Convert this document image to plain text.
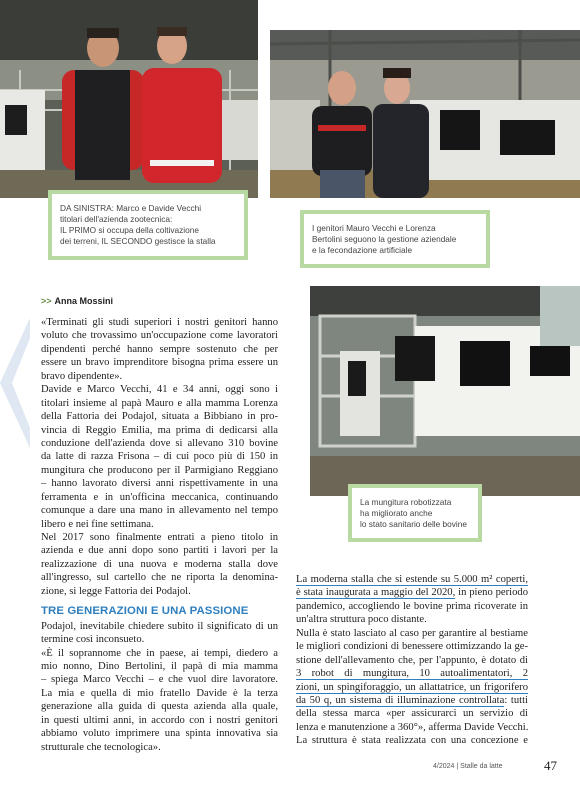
DA SINISTRA: Marco e Davide Vecchi
titolari dell'azienda zootecnica:
IL PRIMO si occupa della coltivazione
dei terreni, IL SECONDO gestisce la stalla
I genitori Mauro Vecchi e Lorenza
Bertolini seguono la gestione aziendale
e la fecondazione artificiale
La mungitura robotizzata
ha migliorato anche
lo stato sanitario delle bovine
>> Anna Mossini
«Terminati gli studi superiori i nostri genitori hanno
voluto che trovassimo un'occupazione come lavoratori
dipendenti perché hanno sempre sostenuto che per
essere un bravo imprenditore bisogna prima essere un
bravo dipendente».
Davide e Marco Vecchi, 41 e 34 anni, oggi sono i
titolari insieme al papà Mauro e alla mamma Lorenza
della Fattoria dei Podajol, situata a Bibbiano in pro-
vincia di Reggio Emilia, ma prima di dedicarsi alla
conduzione dell'azienda dove si allevano 310 bovine
da latte di razza Frisona – di cui poco più di 150 in
mungitura che producono per il Parmigiano Reggiano
– hanno lavorato diversi anni rispettivamente in una
ferramenta e in un'officina meccanica, continuando
comunque a dare una mano in allevamento nel tempo
libero e nei fine settimana.
Nel 2017 sono finalmente entrati a pieno titolo in
azienda e due anni dopo sono partiti i lavori per la
realizzazione di una nuova e moderna stalla dove
all'ingresso, sul cartello che ne riporta la denomina-
zione, si legge Fattoria dei Podajol.
TRE GENERAZIONI E UNA PASSIONE
Podajol, inevitabile chiedere subito il significato di un
termine così inconsueto.
«È il soprannome che in paese, ai tempi, diedero a
mio nonno, Dino Bertolini, il papà di mia mamma
– spiega Marco Vecchi – e che vuol dire lavoratore.
La mia e quella di mio fratello Davide è la terza
generazione alla guida di questa azienda alla quale,
in questi ultimi anni, in accordo con i nostri genitori
abbiamo voluto imprimere una spinta innovativa sia
strutturale che tecnologica».
La moderna stalla che si estende su 5.000 m² coperti,
è stata inaugurata a maggio del 2020, in pieno periodo
pandemico, accogliendo le bovine prima ricoverate in
un'altra struttura poco distante.
Nulla è stato lasciato al caso per garantire al bestiame
le migliori condizioni di benessere ottimizzando la ge-
stione dell'allevamento che, per l'appunto, è dotato di
3 robot di mungitura, 10 autoalimentatori, 2
zioni, un spingiforaggio, un allattatrice, un frigorifero
da 50 q, un sistema di illuminazione controllata: tutti
della stessa marca «per assicurarci un servizio di
lenza e manutenzione a 360°», afferma Davide Vecchi.
La struttura è stata realizzata con una concezione e
4/2024 | Stalle da latte	47
